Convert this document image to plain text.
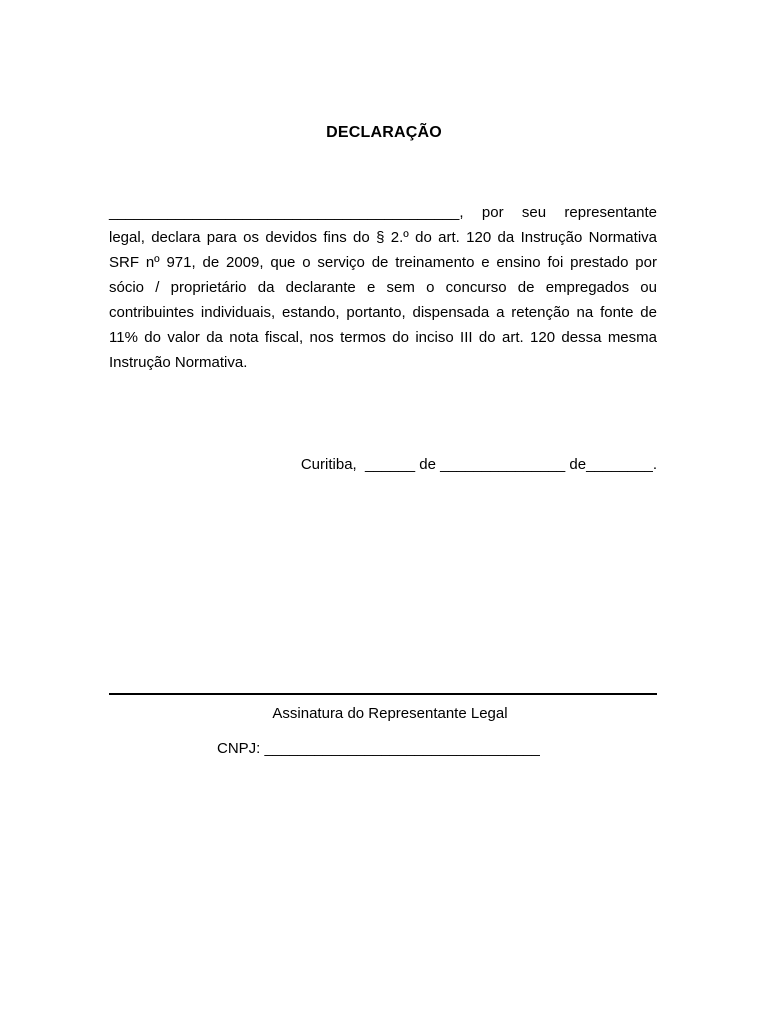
DECLARAÇÃO
__________________________________________, por seu representante
legal, declara para os devidos fins do § 2.º do art. 120 da Instrução Normativa
SRF nº 971, de 2009, que o serviço de treinamento e ensino foi prestado por
sócio / proprietário da declarante e sem o concurso de empregados ou
contribuintes individuais, estando, portanto, dispensada a retenção na fonte de
11% do valor da nota fiscal, nos termos do inciso III do art. 120 dessa mesma
Instrução Normativa.
Curitiba,  ______ de _______________ de________.
Assinatura do Representante Legal
CNPJ: _________________________________
